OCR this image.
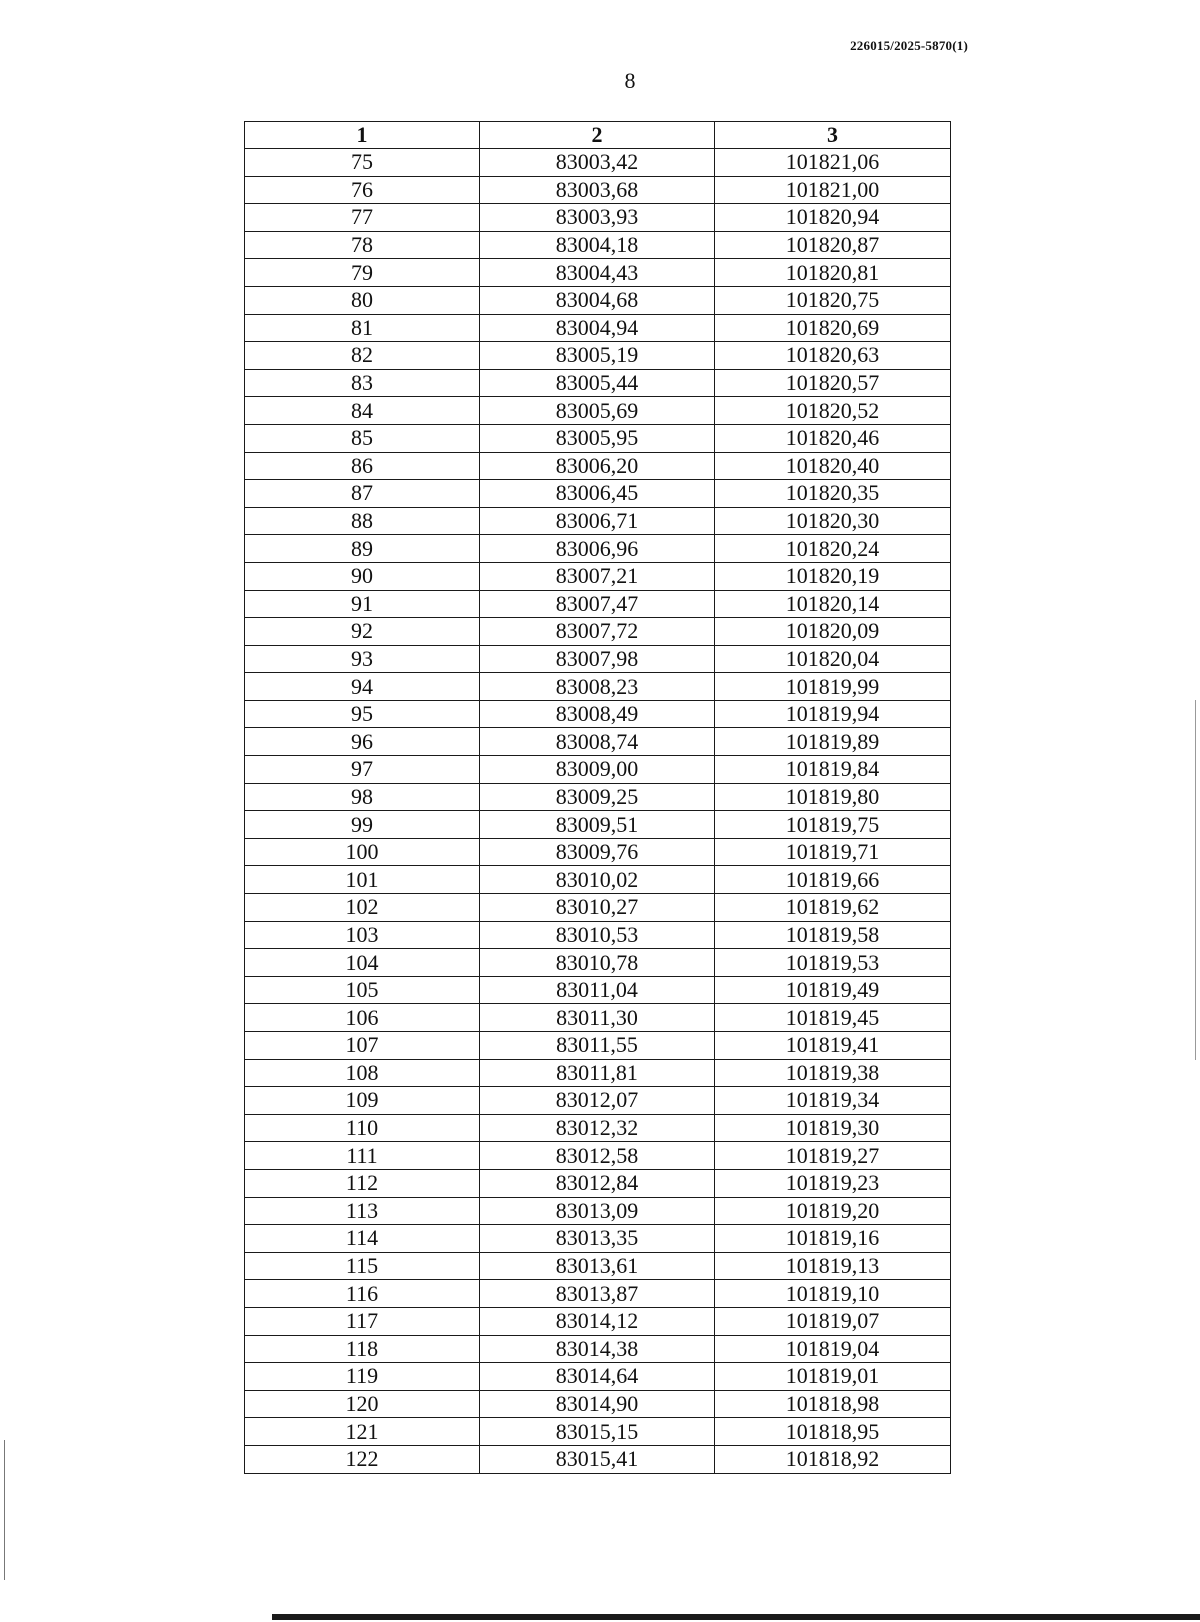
226015/2025-5870(1)
8
1	2	3
75	83003,42	101821,06
76	83003,68	101821,00
77	83003,93	101820,94
78	83004,18	101820,87
79	83004,43	101820,81
80	83004,68	101820,75
81	83004,94	101820,69
82	83005,19	101820,63
83	83005,44	101820,57
84	83005,69	101820,52
85	83005,95	101820,46
86	83006,20	101820,40
87	83006,45	101820,35
88	83006,71	101820,30
89	83006,96	101820,24
90	83007,21	101820,19
91	83007,47	101820,14
92	83007,72	101820,09
93	83007,98	101820,04
94	83008,23	101819,99
95	83008,49	101819,94
96	83008,74	101819,89
97	83009,00	101819,84
98	83009,25	101819,80
99	83009,51	101819,75
100	83009,76	101819,71
101	83010,02	101819,66
102	83010,27	101819,62
103	83010,53	101819,58
104	83010,78	101819,53
105	83011,04	101819,49
106	83011,30	101819,45
107	83011,55	101819,41
108	83011,81	101819,38
109	83012,07	101819,34
110	83012,32	101819,30
111	83012,58	101819,27
112	83012,84	101819,23
113	83013,09	101819,20
114	83013,35	101819,16
115	83013,61	101819,13
116	83013,87	101819,10
117	83014,12	101819,07
118	83014,38	101819,04
119	83014,64	101819,01
120	83014,90	101818,98
121	83015,15	101818,95
122	83015,41	101818,92
